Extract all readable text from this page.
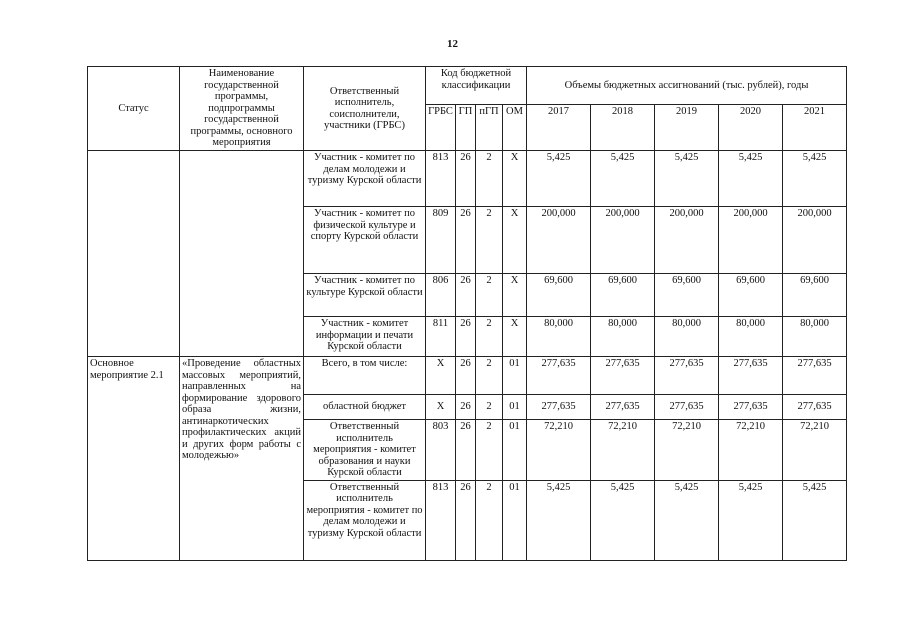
12
Статус	Наименование государственной программы, подпрограммы государственной программы, основного мероприятия	Ответственный исполнитель, соисполнители, участники (ГРБС)	Код бюджетной классификации				Объемы бюджетных ассигнований (тыс. рублей), годы				
			ГРБС	ГП	пГП	ОМ	2017	2018	2019	2020	2021
		Участник - комитет по делам молодежи и туризму Курской области	813	26	2	X	5,425	5,425	5,425	5,425	5,425
		Участник - комитет по физической культуре и спорту Курской области	809	26	2	X	200,000	200,000	200,000	200,000	200,000
		Участник - комитет по культуре Курской области	806	26	2	X	69,600	69,600	69,600	69,600	69,600
		Участник - комитет информации и печати Курской области	811	26	2	X	80,000	80,000	80,000	80,000	80,000
Основное мероприятие 2.1	«Проведение областных массовых мероприятий, направленных на формирование здорового образа жизни, антинаркотических профилактических акций и других форм работы с молодежью»	Всего, в том числе:	X	26	2	01	277,635	277,635	277,635	277,635	277,635
		областной бюджет	X	26	2	01	277,635	277,635	277,635	277,635	277,635
		Ответственный исполнитель мероприятия - комитет образования и науки Курской области	803	26	2	01	72,210	72,210	72,210	72,210	72,210
		Ответственный исполнитель мероприятия - комитет по делам молодежи и туризму Курской области	813	26	2	01	5,425	5,425	5,425	5,425	5,425
